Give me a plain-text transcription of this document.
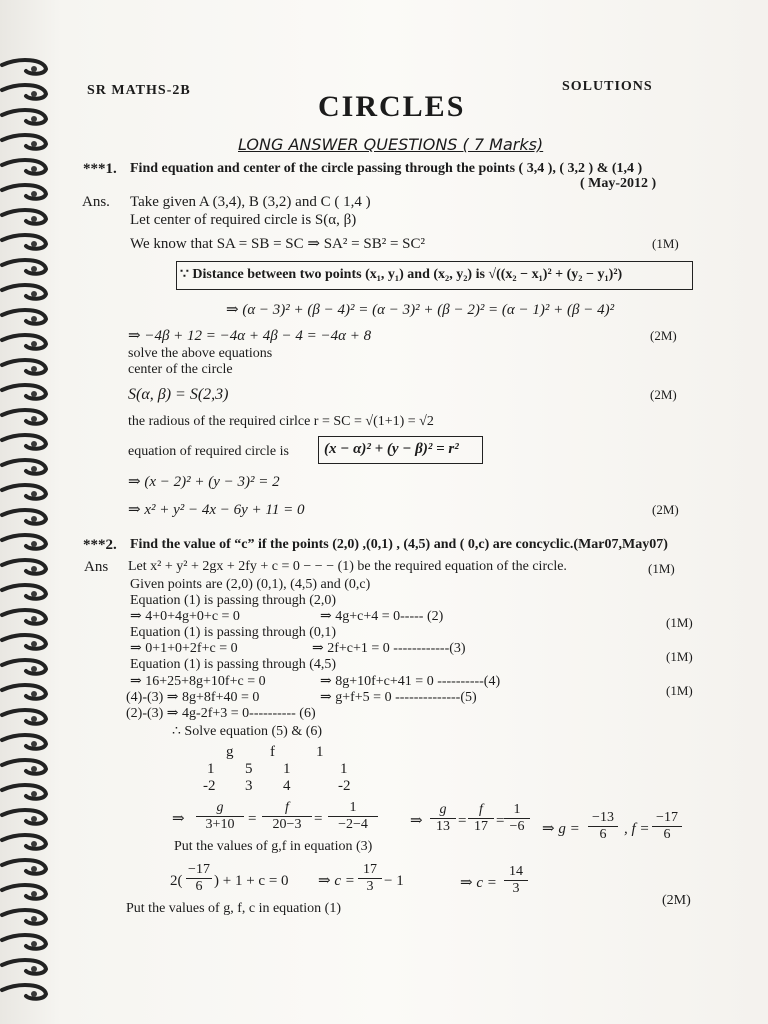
SR MATHS-2B	SOLUTIONS
CIRCLES
LONG ANSWER QUESTIONS ( 7 Marks)
***1. Find equation and center of the circle passing through the points ( 3,4 ), ( 3,2 ) & (1,4 )
( May-2012 )
Ans. Take given A (3,4), B (3,2) and C ( 1,4 )
Let center of required circle is S(α, β)
We know that SA = SB = SC ⇒ SA² = SB² = SC²	(1M)
∵ Distance between two points (x₁, y₁) and (x₂, y₂) is √((x₂ − x₁)² + (y₂ − y₁)²)
⇒ (α − 3)² + (β − 4)² = (α − 3)² + (β − 2)² = (α − 1)² + (β − 4)²
⇒ −4β + 12 = −4α + 4β − 4 = −4α + 8	(2M)
solve the above equations
center of the circle
S(α, β) = S(2,3)	(2M)
the radious of the required cirlce r = SC = √(1+1) = √2
equation of required circle is (x − α)² + (y − β)² = r²
⇒ (x − 2)² + (y − 3)² = 2
⇒ x² + y² − 4x − 6y + 11 = 0	(2M)
***2. Find the value of “c” if the points (2,0) ,(0,1) , (4,5) and ( 0,c) are concyclic.(Mar07,May07)
Ans Let x² + y² + 2gx + 2fy + c = 0 − − − (1) be the required equation of the circle.	(1M)
Given points are (2,0) (0,1), (4,5) and (0,c)
Equation (1) is passing through (2,0)
⇒ 4+0+4g+0+c = 0	⇒ 4g+c+4 = 0----- (2)	(1M)
Equation (1) is passing through (0,1)
⇒ 0+1+0+2f+c = 0	⇒ 2f+c+1 = 0 ------------(3)
(1M)
Equation (1) is passing through (4,5)
⇒ 16+25+8g+10f+c = 0	⇒ 8g+10f+c+41 = 0 ----------(4)
(1M)
(4)-(3) ⇒ 8g+8f+40 = 0	⇒ g+f+5 = 0 --------------(5)
(2)-(3) ⇒ 4g-2f+3 = 0---------- (6)
∴ Solve equation (5) & (6)
g f	1
1 5 1	1
-2 3 4	-2
⇒ $\frac{g}{3+10} = \frac{f}{20-3} = \frac{1}{-2-4}$ ⇒ $\frac{g}{13} = \frac{f}{17} = \frac{1}{-6}$ ⇒ $g = \frac{-13}{6}$ , $f = \frac{-17}{6}$
Put the values of g,f in equation (3)
$2( \frac{-17}{6}$ ) + 1 + c = 0 ⇒ $c = \frac{17}{3} - 1$	⇒ $c = \frac{14}{3}$
(2M)
Put the values of g, f, c in equation (1)
